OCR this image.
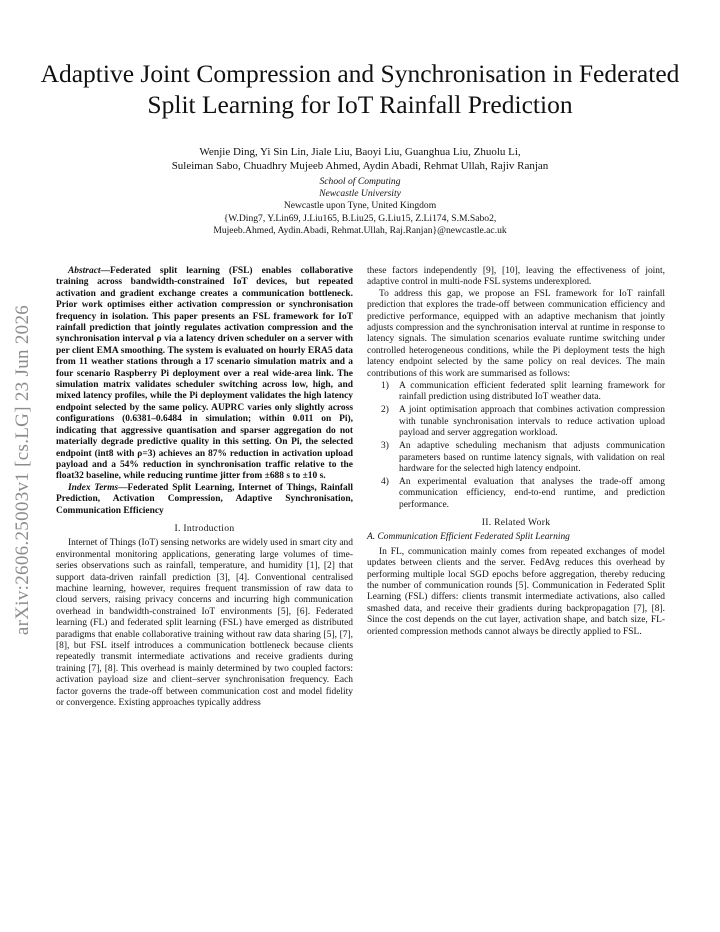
Adaptive Joint Compression and Synchronisation in Federated Split Learning for IoT Rainfall Prediction
Wenjie Ding, Yi Sin Lin, Jiale Liu, Baoyi Liu, Guanghua Liu, Zhuolu Li,
Suleiman Sabo, Chuadhry Mujeeb Ahmed, Aydin Abadi, Rehmat Ullah, Rajiv Ranjan
School of Computing
Newcastle University
Newcastle upon Tyne, United Kingdom
{W.Ding7, Y.Lin69, J.Liu165, B.Liu25, G.Liu15, Z.Li174, S.M.Sabo2,
Mujeeb.Ahmed, Aydin.Abadi, Rehmat.Ullah, Raj.Ranjan}@newcastle.ac.uk
arXiv:2606.25003v1 [cs.LG] 23 Jun 2026

Abstract—Federated split learning (FSL) enables collaborative training across bandwidth-constrained IoT devices, but repeated activation and gradient exchange creates a communication bottleneck. Prior work optimises either activation compression or synchronisation frequency in isolation. This paper presents an FSL framework for IoT rainfall prediction that jointly regulates activation compression and the synchronisation interval ρ via a latency driven scheduler on a server with per client EMA smoothing. The system is evaluated on hourly ERA5 data from 11 weather stations through a 17 scenario simulation matrix and a four scenario Raspberry Pi deployment over a real wide-area link. The simulation matrix validates scheduler switching across low, high, and mixed latency profiles, while the Pi deployment validates the high latency endpoint selected by the same policy. AUPRC varies only slightly across configurations (0.6381–0.6484 in simulation; within 0.011 on Pi), indicating that aggressive quantisation and sparser aggregation do not materially degrade predictive quality in this setting. On Pi, the selected endpoint (int8 with ρ=3) achieves an 87% reduction in activation upload payload and a 54% reduction in synchronisation traffic relative to the float32 baseline, while reducing runtime jitter from ±688 s to ±10 s.

Index Terms—Federated Split Learning, Internet of Things, Rainfall Prediction, Activation Compression, Adaptive Synchronisation, Communication Efficiency

I. Introduction

Internet of Things (IoT) sensing networks are widely used in smart city and environmental monitoring applications, generating large volumes of time-series observations such as rainfall, temperature, and humidity [1], [2] that support data-driven rainfall prediction [3], [4]. Conventional centralised machine learning, however, requires frequent transmission of raw data to cloud servers, raising privacy concerns and incurring high communication overhead in bandwidth-constrained IoT environments [5], [6]. Federated learning (FL) and federated split learning (FSL) have emerged as distributed paradigms that enable collaborative training without raw data sharing [5], [7], [8], but FSL itself introduces a communication bottleneck because clients repeatedly transmit intermediate activations and receive gradients during training [7], [8]. This overhead is mainly determined by two coupled factors: activation payload size and client–server synchronisation frequency. Each factor governs the trade-off between communication cost and model fidelity or convergence. Existing approaches typically address

these factors independently [9], [10], leaving the effectiveness of joint, adaptive control in multi-node FSL systems underexplored.

To address this gap, we propose an FSL framework for IoT rainfall prediction that explores the trade-off between communication efficiency and predictive performance, equipped with an adaptive mechanism that jointly adjusts compression and the synchronisation interval at runtime in response to latency signals. The simulation scenarios evaluate runtime switching under controlled heterogeneous conditions, while the Pi deployment tests the high latency endpoint selected by the same policy on real devices. The main contributions of this work are summarised as follows:

1) A communication efficient federated split learning framework for rainfall prediction using distributed IoT weather data.
2) A joint optimisation approach that combines activation compression with tunable synchronisation intervals to reduce activation upload payload and server aggregation workload.
3) An adaptive scheduling mechanism that adjusts communication parameters based on runtime latency signals, with validation on real hardware for the selected high latency endpoint.
4) An experimental evaluation that analyses the trade-off among communication efficiency, end-to-end runtime, and prediction performance.
II. Related Work
A. Communication Efficient Federated Split Learning

In FL, communication mainly comes from repeated exchanges of model updates between clients and the server. FedAvg reduces this overhead by performing multiple local SGD epochs before aggregation, thereby reducing the number of communication rounds [5]. Communication in Federated Split Learning (FSL) differs: clients transmit intermediate activations, also called smashed data, and receive their gradients during backpropagation [7], [8]. Since the cost depends on the cut layer, activation shape, and batch size, FL-oriented compression methods cannot always be directly applied to FSL.
